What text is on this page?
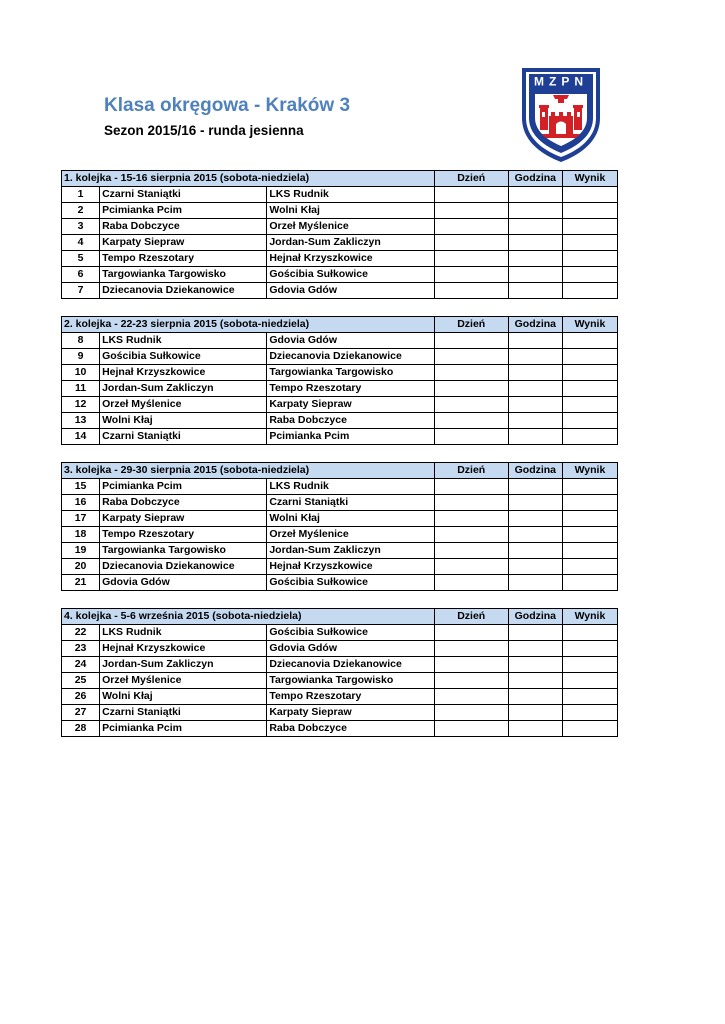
Klasa okręgowa - Kraków 3
Sezon 2015/16 - runda jesienna
MZPN
1. kolejka - 15-16 sierpnia 2015 (sobota-niedziela)			Dzień	Godzina	Wynik
1	Czarni Staniątki	LKS Rudnik			
2	Pcimianka Pcim	Wolni Kłaj			
3	Raba Dobczyce	Orzeł Myślenice			
4	Karpaty Siepraw	Jordan-Sum Zakliczyn			
5	Tempo Rzeszotary	Hejnał Krzyszkowice			
6	Targowianka Targowisko	Gościbia Sułkowice			
7	Dziecanovia Dziekanowice	Gdovia Gdów			
2. kolejka - 22-23 sierpnia 2015 (sobota-niedziela)			Dzień	Godzina	Wynik
8	LKS Rudnik	Gdovia Gdów			
9	Gościbia Sułkowice	Dziecanovia Dziekanowice			
10	Hejnał Krzyszkowice	Targowianka Targowisko			
11	Jordan-Sum Zakliczyn	Tempo Rzeszotary			
12	Orzeł Myślenice	Karpaty Siepraw			
13	Wolni Kłaj	Raba Dobczyce			
14	Czarni Staniątki	Pcimianka Pcim			
3. kolejka - 29-30 sierpnia 2015 (sobota-niedziela)			Dzień	Godzina	Wynik
15	Pcimianka Pcim	LKS Rudnik			
16	Raba Dobczyce	Czarni Staniątki			
17	Karpaty Siepraw	Wolni Kłaj			
18	Tempo Rzeszotary	Orzeł Myślenice			
19	Targowianka Targowisko	Jordan-Sum Zakliczyn			
20	Dziecanovia Dziekanowice	Hejnał Krzyszkowice			
21	Gdovia Gdów	Gościbia Sułkowice			
4. kolejka - 5-6 września 2015 (sobota-niedziela)			Dzień	Godzina	Wynik
22	LKS Rudnik	Gościbia Sułkowice			
23	Hejnał Krzyszkowice	Gdovia Gdów			
24	Jordan-Sum Zakliczyn	Dziecanovia Dziekanowice			
25	Orzeł Myślenice	Targowianka Targowisko			
26	Wolni Kłaj	Tempo Rzeszotary			
27	Czarni Staniątki	Karpaty Siepraw			
28	Pcimianka Pcim	Raba Dobczyce			
